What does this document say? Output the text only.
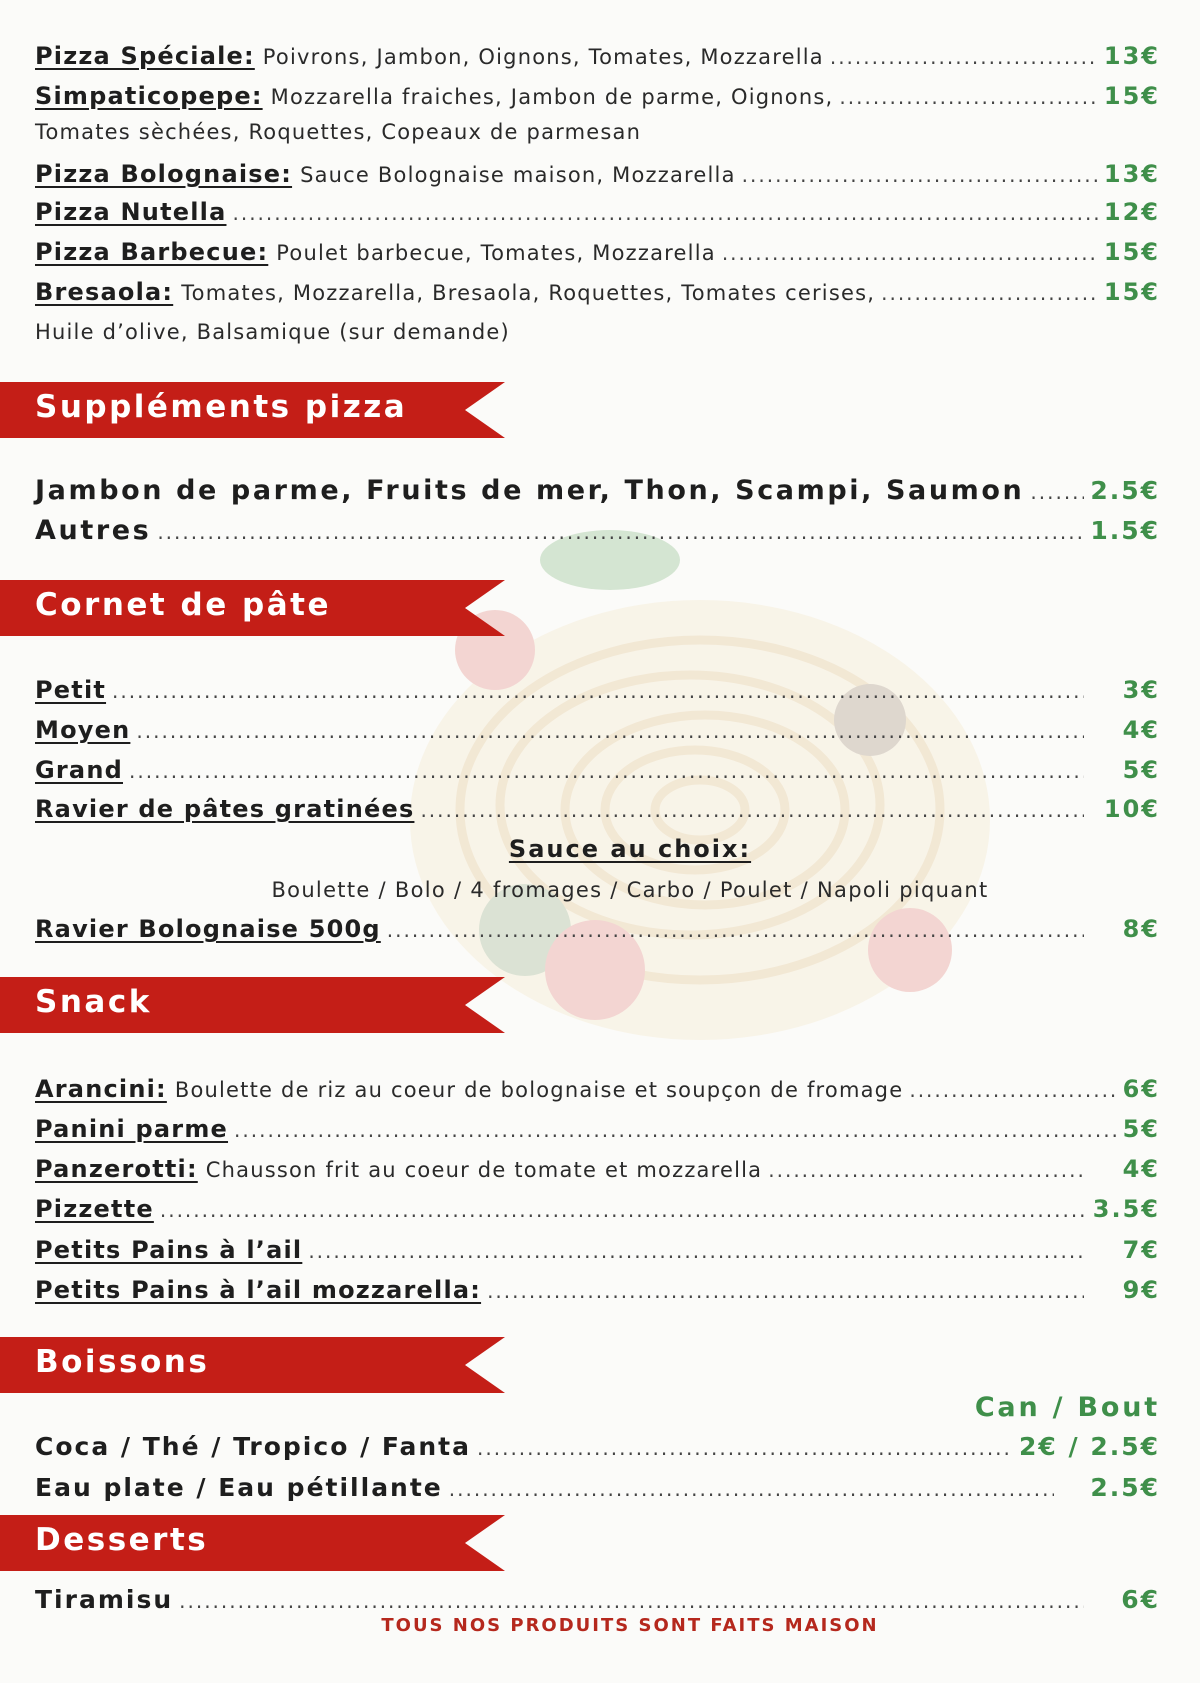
Pizza Spéciale: Poivrons, Jambon, Oignons, Tomates, Mozzarella .....	13€
Simpaticopepe: Mozzarella fraiches, Jambon de parme, Oignons, .....	15€
Tomates sèchées, Roquettes, Copeaux de parmesan
Pizza Bolognaise: Sauce Bolognaise maison, Mozzarella .....	13€
Pizza Nutella .....	12€
Pizza Barbecue: Poulet barbecue, Tomates, Mozzarella .....	15€
Bresaola: Tomates, Mozzarella, Bresaola, Roquettes, Tomates cerises, .....	15€
Huile d’olive, Balsamique (sur demande)
Suppléments pizza
Jambon de parme, Fruits de mer, Thon, Scampi, Saumon .....	2.5€
Autres .....	1.5€
Cornet de pâte
Petit .....	3€
Moyen .....	4€
Grand .....	5€
Ravier de pâtes gratinées .....	10€
Sauce au choix:
Boulette / Bolo / 4 fromages / Carbo / Poulet / Napoli piquant
Ravier Bolognaise 500g .....	8€
Snack
Arancini: Boulette de riz au coeur de bolognaise et soupçon de fromage .....	6€
Panini parme .....	5€
Panzerotti: Chausson frit au coeur de tomate et mozzarella .....	4€
Pizzette .....	3.5€
Petits Pains à l’ail .....	7€
Petits Pains à l’ail mozzarella: .....	9€
Boissons
Can / Bout
Coca / Thé / Tropico / Fanta .....	2€ / 2.5€
Eau plate / Eau pétillante .....	2.5€
Desserts
Tiramisu .....	6€
TOUS NOS PRODUITS SONT FAITS MAISON
